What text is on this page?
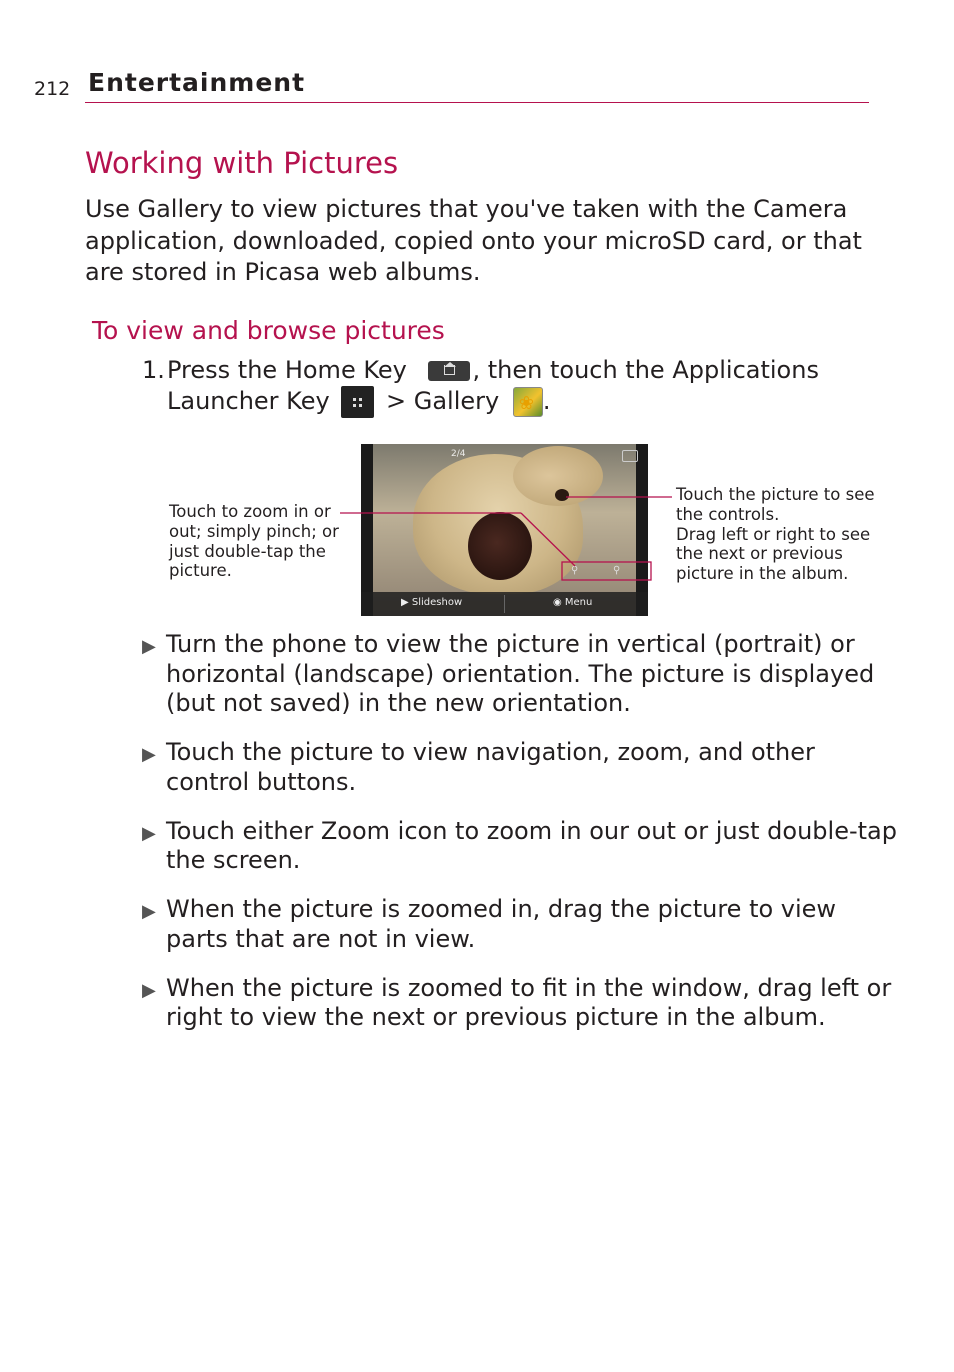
212 Entertainment
Working with Pictures
Use Gallery to view pictures that you've taken with the Camera application, downloaded, copied onto your microSD card, or that are stored in Picasa web albums.
To view and browse pictures
1. Press the Home Key	, then touch the Applications Launcher Key > Gallery ❀ .
2/4
⚲	⚲
▶ Slideshow	◉ Menu
Touch to zoom in or out; simply pinch; or just double-tap the picture.
Touch the picture to see the controls.
Drag left or right to see the next or previous picture in the album.
▶ Turn the phone to view the picture in vertical (portrait) or horizontal (landscape) orientation. The picture is displayed (but not saved) in the new orientation.
▶ Touch the picture to view navigation, zoom, and other control buttons.
▶ Touch either Zoom icon to zoom in our out or just double-tap the screen.
▶ When the picture is zoomed in, drag the picture to view parts that are not in view.
▶ When the picture is zoomed to fit in the window, drag left or right to view the next or previous picture in the album.
